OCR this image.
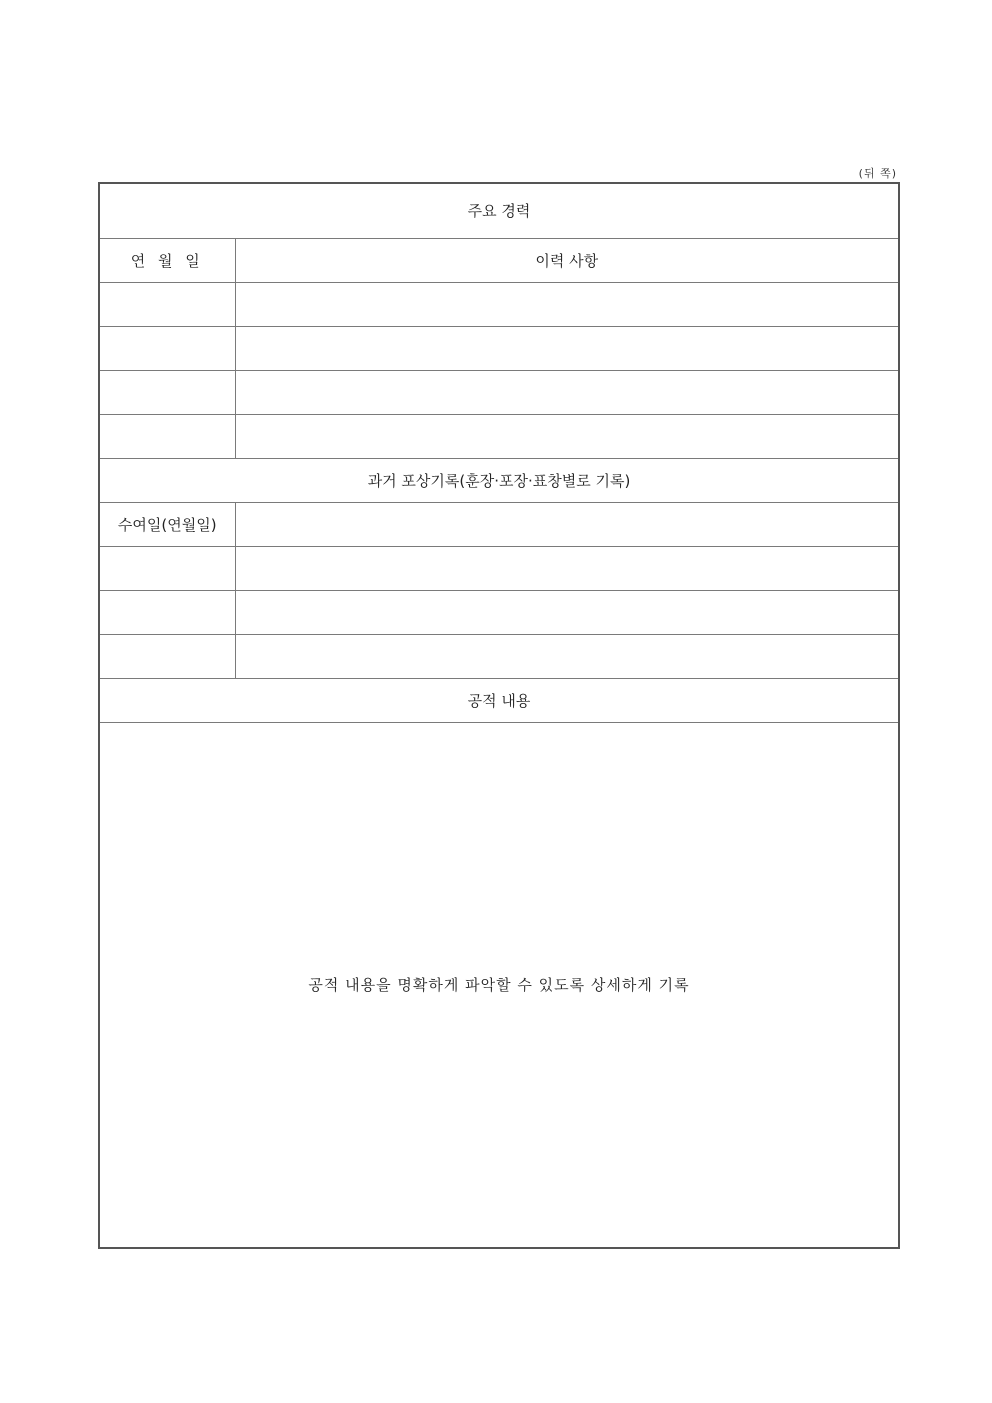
(뒤 쪽)
주요 경력	
연 월 일	이력 사항

과거 포상기록(훈장·포장·표창별로 기록)	
수여일(연월일)	

공적 내용	
공적 내용을 명확하게 파악할 수 있도록 상세하게 기록	
